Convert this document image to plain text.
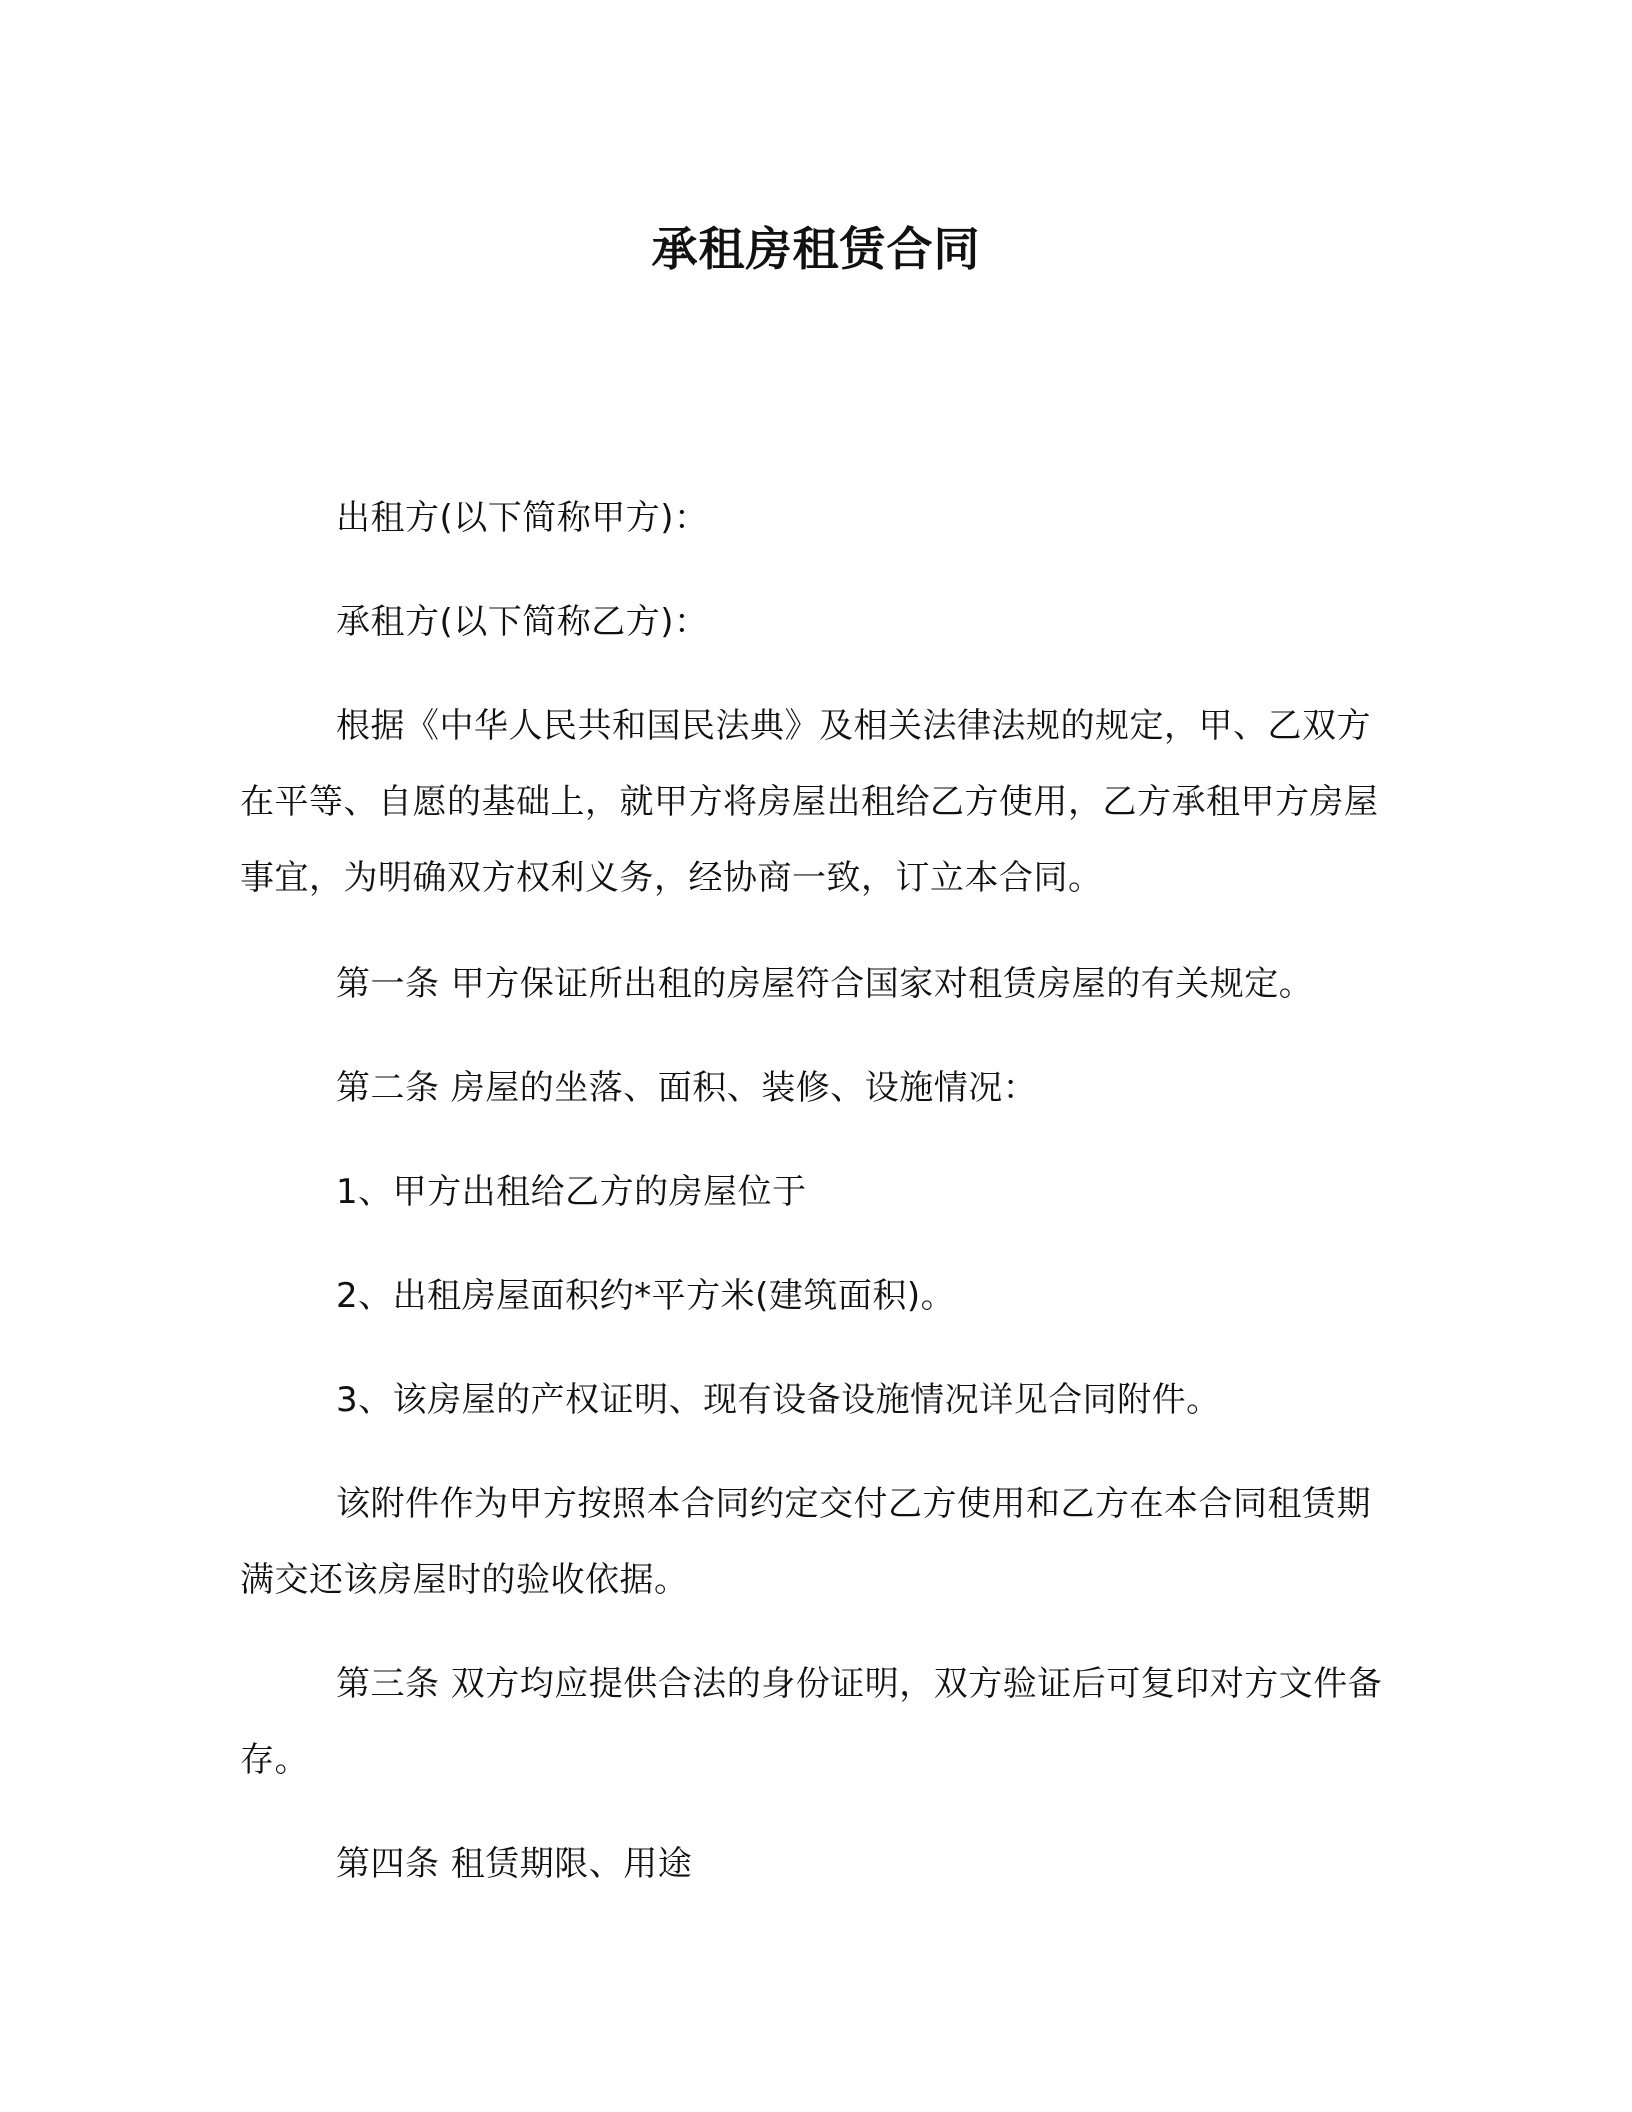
承租房租赁合同
出租方(以下简称甲方)：
承租方(以下简称乙方)：
根据《中华人民共和国民法典》及相关法律法规的规定，甲、乙双方在平等、自愿的基础上，就甲方将房屋出租给乙方使用，乙方承租甲方房屋事宜，为明确双方权利义务，经协商一致，订立本合同。
第一条 甲方保证所出租的房屋符合国家对租赁房屋的有关规定。
第二条 房屋的坐落、面积、装修、设施情况：
1、甲方出租给乙方的房屋位于
2、出租房屋面积约*平方米(建筑面积)。
3、该房屋的产权证明、现有设备设施情况详见合同附件。
该附件作为甲方按照本合同约定交付乙方使用和乙方在本合同租赁期满交还该房屋时的验收依据。
第三条 双方均应提供合法的身份证明，双方验证后可复印对方文件备存。
第四条 租赁期限、用途
